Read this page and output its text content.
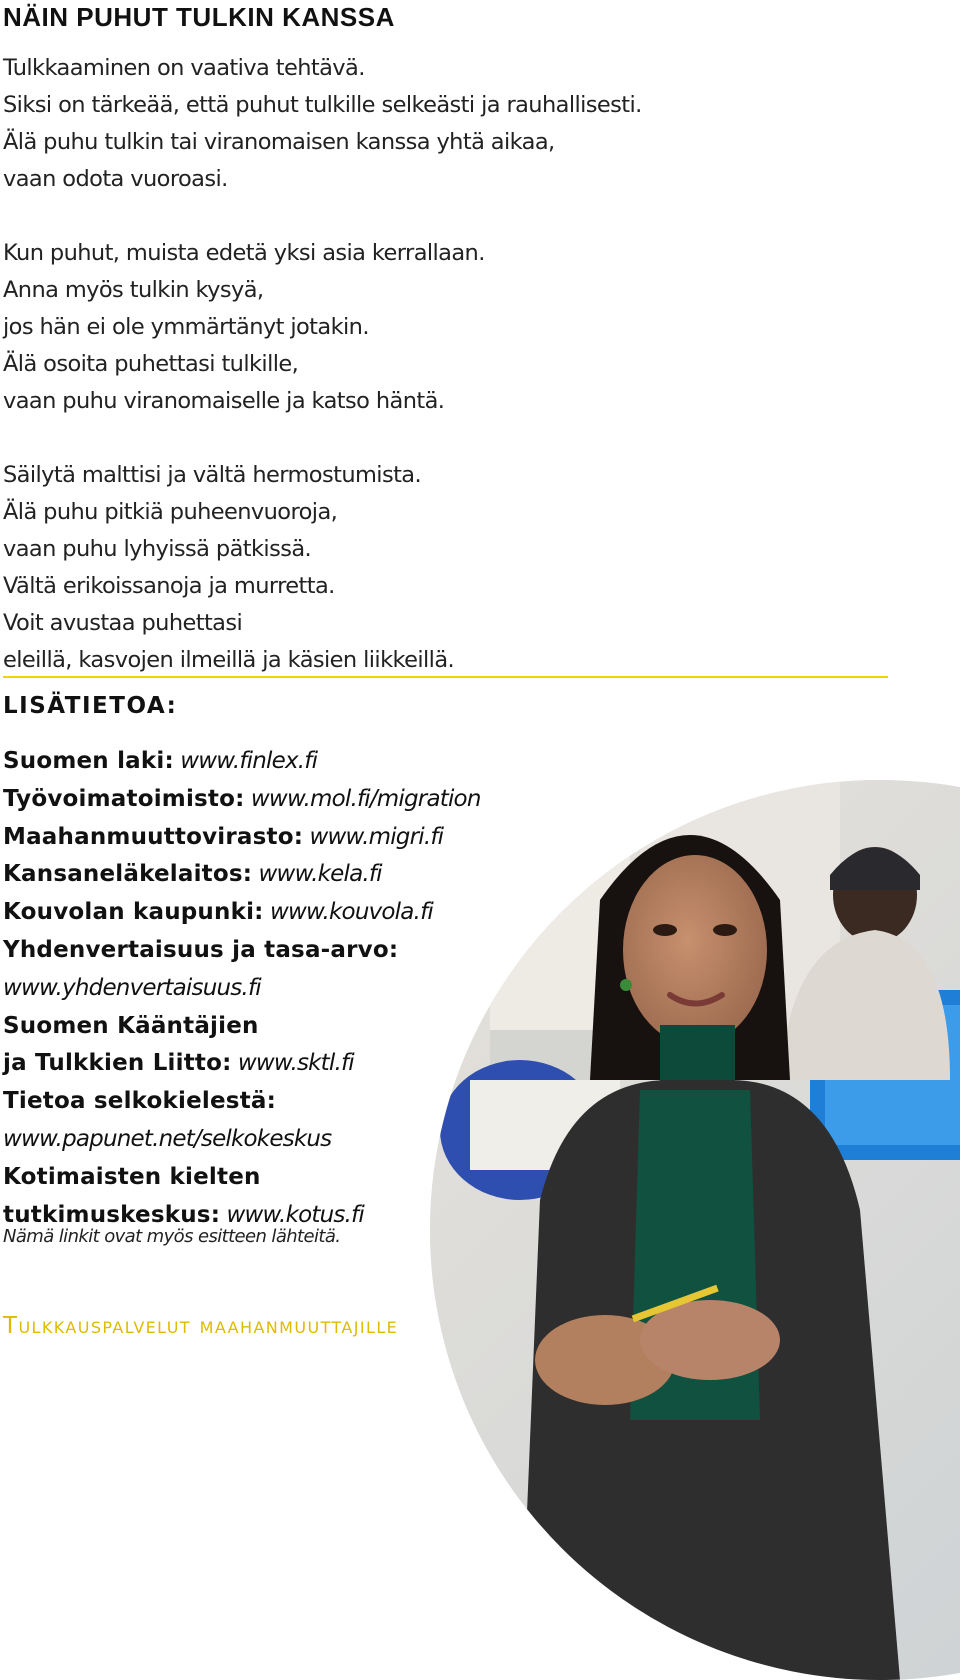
NÄIN PUHUT TULKIN KANSSA

Tulkkaaminen on vaativa tehtävä.
Siksi on tärkeää, että puhut tulkille selkeästi ja rauhallisesti.
Älä puhu tulkin tai viranomaisen kanssa yhtä aikaa,
vaan odota vuoroasi.

Kun puhut, muista edetä yksi asia kerrallaan.
Anna myös tulkin kysyä,
jos hän ei ole ymmärtänyt jotakin.
Älä osoita puhettasi tulkille,
vaan puhu viranomaiselle ja katso häntä.

Säilytä malttisi ja vältä hermostumista.
Älä puhu pitkiä puheenvuoroja,
vaan puhu lyhyissä pätkissä.
Vältä erikoissanoja ja murretta.
Voit avustaa puhettasi
eleillä, kasvojen ilmeillä ja käsien liikkeillä.

LISÄTIETOA:
Suomen laki: www.finlex.fi
Työvoimatoimisto: www.mol.fi/migration
Maahanmuuttovirasto: www.migri.fi
Kansaneläkelaitos: www.kela.fi
Kouvolan kaupunki: www.kouvola.fi
Yhdenvertaisuus ja tasa-arvo:
www.yhdenvertaisuus.fi
Suomen Kääntäjien
ja Tulkkien Liitto: www.sktl.fi
Tietoa selkokielestä:
www.papunet.net/selkokeskus
Kotimaisten kielten
tutkimuskeskus: www.kotus.fi

Nämä linkit ovat myös esitteen lähteitä.

Tulkkauspalvelut maahanmuuttajille
